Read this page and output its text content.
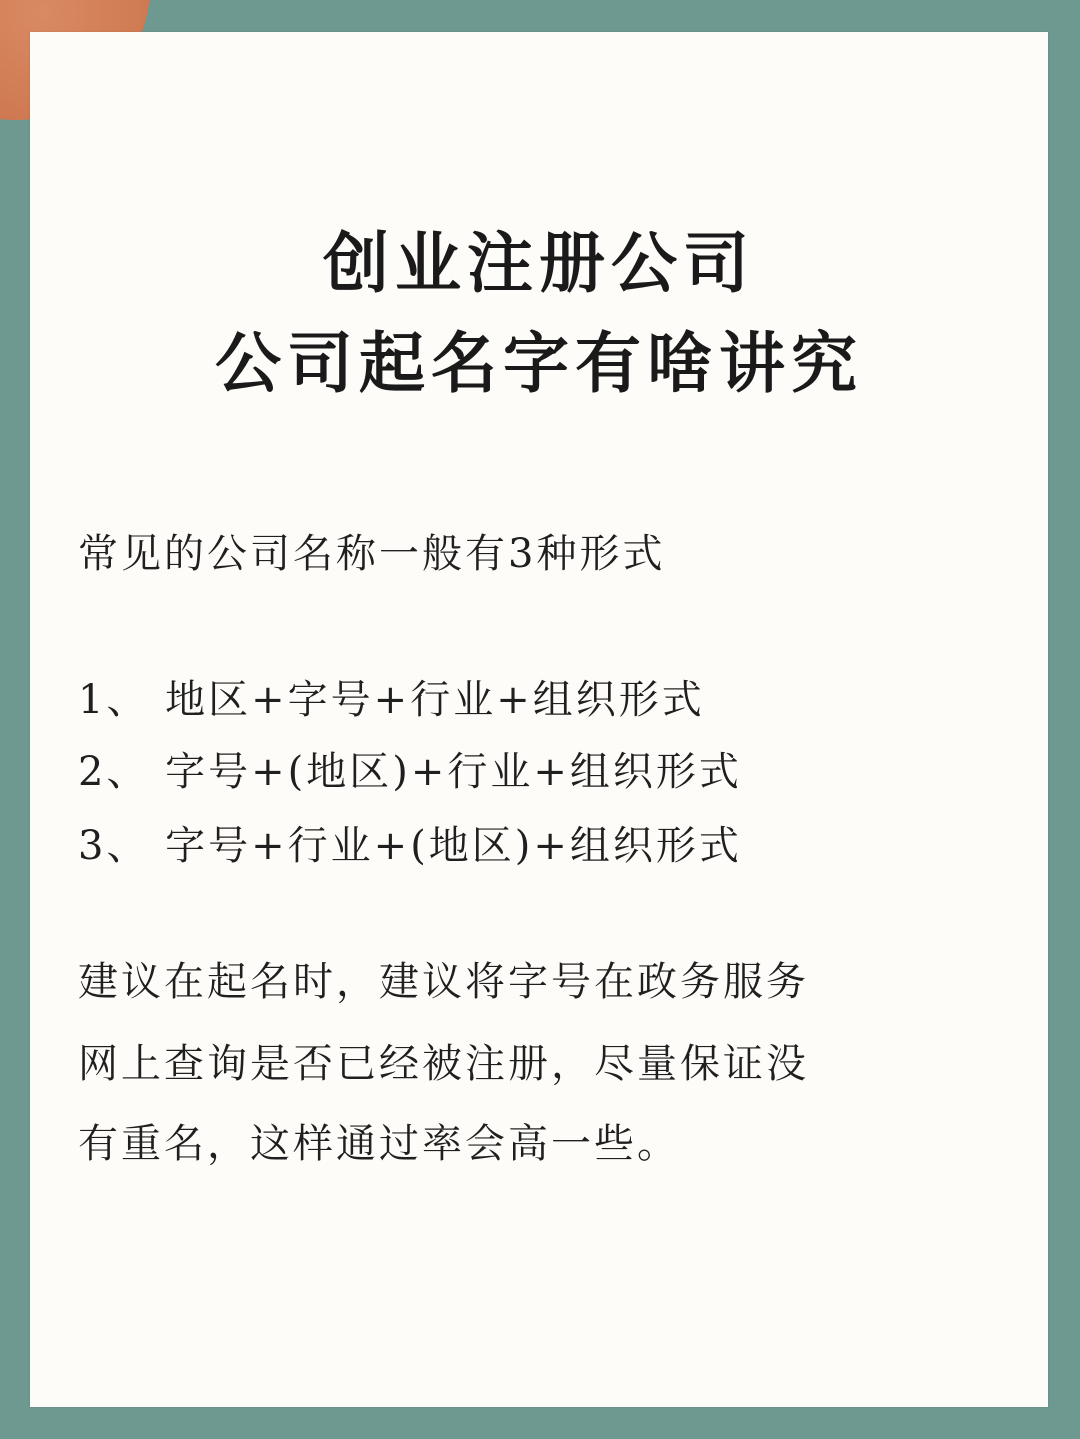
创业注册公司
公司起名字有啥讲究

常见的公司名称一般有3种形式

1、 地区+字号+行业+组织形式

2、 字号+(地区)+行业+组织形式

3、 字号+行业+(地区)+组织形式

建议在起名时，建议将字号在政务服务

网上查询是否已经被注册，尽量保证没

有重名，这样通过率会高一些。
